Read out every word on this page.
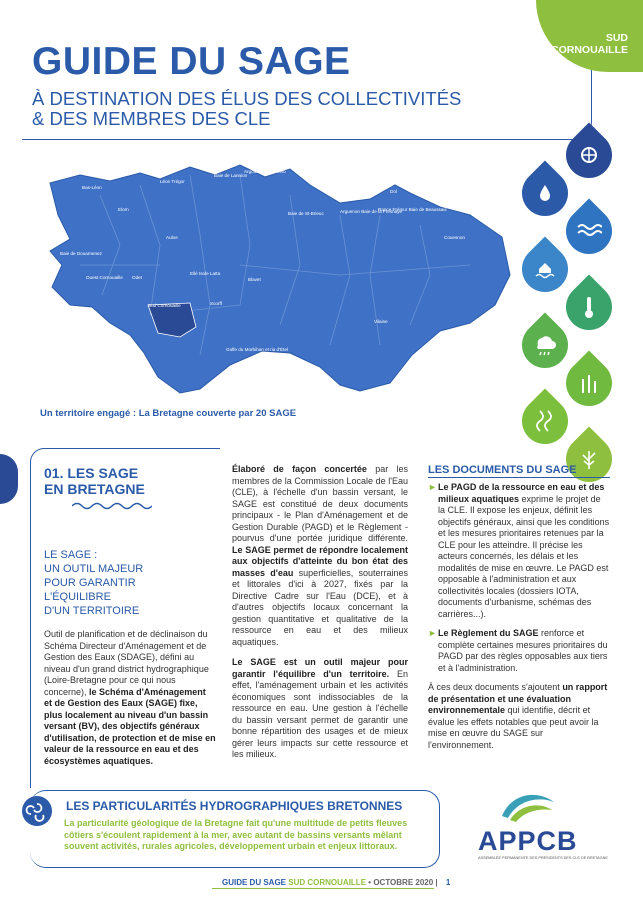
GUIDE DU SAGE
À DESTINATION DES ÉLUS DES COLLECTIVITÉS
& DES MEMBRES DES CLE
SUD
CORNOUAILLE
Baie de Lannion
Argoat Trégor Goëlo
Baie de St-Brieuc	Arguenon Baie de la Fresnaye
Rance Frémur Baie de Beaussais
Dol
Sélune
Couesnon
Léon Trégor
Bas-Léon
Elorn
Aulne
Blavet
Baie de Douarnenez
Ouest Cornouaille Odet
Ellé Isole Laïta
Scorff
Sud Cornouaille
Golfe du Morbihan et ria d'Étel
Vilaine
Un territoire engagé : La Bretagne couverte par 20 SAGE
01. LES SAGE
EN BRETAGNE
LE SAGE :
UN OUTIL MAJEUR
POUR GARANTIR
L'ÉQUILIBRE
D'UN TERRITOIRE
Outil de planification et de déclinaison du Schéma Directeur d'Aménagement et de Gestion des Eaux (SDAGE), défini au niveau d'un grand district hydrographique (Loire-Bretagne pour ce qui nous concerne), le Schéma d'Aménagement et de Gestion des Eaux (SAGE) fixe, plus localement au niveau d'un bassin versant (BV), des objectifs généraux d'utilisation, de protection et de mise en valeur de la ressource en eau et des écosystèmes aquatiques.

Élaboré de façon concertée par les membres de la Commission Locale de l'Eau (CLE), à l'échelle d'un bassin versant, le SAGE est constitué de deux documents principaux - le Plan d'Aménagement et de Gestion Durable (PAGD) et le Règlement - pourvus d'une portée juridique différente. Le SAGE permet de répondre localement aux objectifs d'atteinte du bon état des masses d'eau superficielles, souterraines et littorales d'ici à 2027, fixés par la Directive Cadre sur l'Eau (DCE), et à d'autres objectifs locaux concernant la gestion quantitative et qualitative de la ressource en eau et des milieux aquatiques.

Le SAGE est un outil majeur pour garantir l'équilibre d'un territoire. En effet, l'aménagement urbain et les activités économiques sont indissociables de la ressource en eau. Une gestion à l'échelle du bassin versant permet de garantir une bonne répartition des usages et de mieux gérer leurs impacts sur cette ressource et les milieux.

LES DOCUMENTS DU SAGE
► Le PAGD de la ressource en eau et des milieux aquatiques exprime le projet de la CLE. Il expose les enjeux, définit les objectifs généraux, ainsi que les conditions et les mesures prioritaires retenues par la CLE pour les atteindre. Il précise les acteurs concernés, les délais et les modalités de mise en œuvre. Le PAGD est opposable à l'administration et aux collectivités locales (dossiers IOTA, documents d'urbanisme, schémas des carrières...).
► Le Règlement du SAGE renforce et complète certaines mesures prioritaires du PAGD par des règles opposables aux tiers et à l'administration.

À ces deux documents s'ajoutent un rapport de présentation et une évaluation environnementale qui identifie, décrit et évalue les effets notables que peut avoir la mise en œuvre du SAGE sur l'environnement.

LES PARTICULARITÉS HYDROGRAPHIQUES BRETONNES
La particularité géologique de la Bretagne fait qu'une multitude de petits fleuves côtiers s'écoulent rapidement à la mer, avec autant de bassins versants mêlant souvent activités, rurales agricoles, développement urbain et enjeux littoraux.	APPCB
ASSEMBLÉE PERMANENTE DES PRÉSIDENTS DES CLE DE BRETAGNE
GUIDE DU SAGE SUD CORNOUAILLE • OCTOBRE 2020 | 1
